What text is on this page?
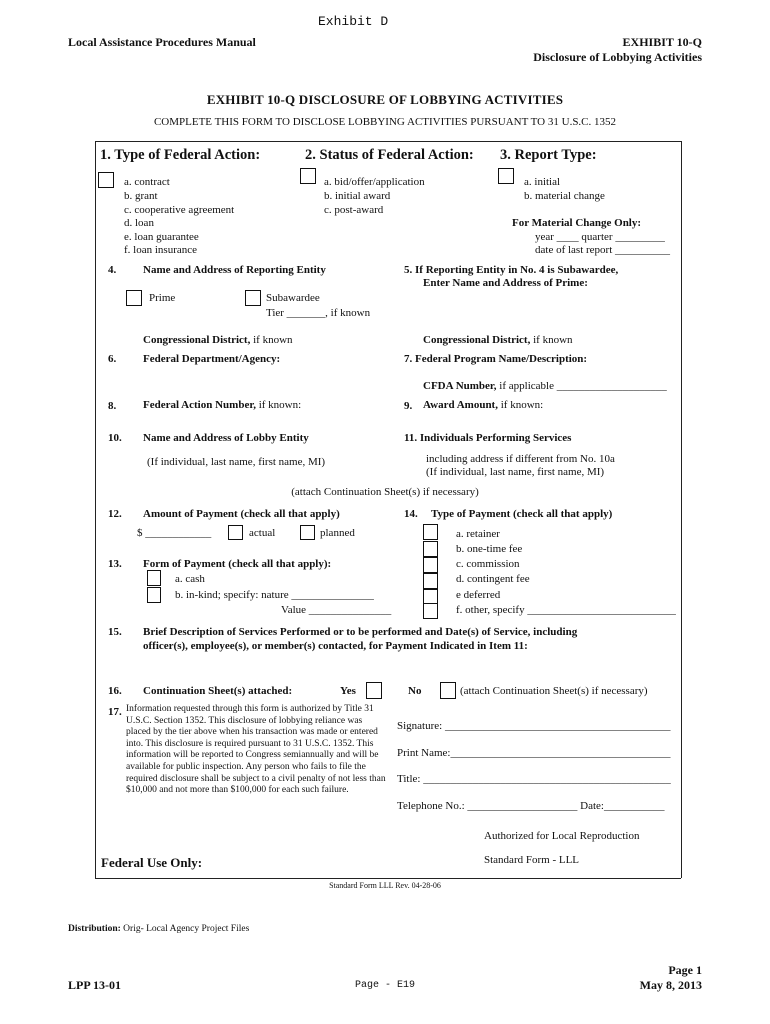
Exhibit D
Local Assistance Procedures Manual	EXHIBIT 10-Q
Disclosure of Lobbying Activities
EXHIBIT 10-Q DISCLOSURE OF LOBBYING ACTIVITIES
COMPLETE THIS FORM TO DISCLOSE LOBBYING ACTIVITIES PURSUANT TO 31 U.S.C. 1352
1. Type of Federal Action:
a. contract
b. grant
c. cooperative agreement
d. loan
e. loan guarantee
f. loan insurance
2. Status of Federal Action:
a. bid/offer/application
b. initial award
c. post-award
3. Report Type:
a. initial
b. material change
For Material Change Only:
year ____ quarter _________
date of last report __________
4. Name and Address of Reporting Entity
Prime	Subawardee
Tier _______, if known
5. If Reporting Entity in No. 4 is Subawardee,
Enter Name and Address of Prime:
Congressional District, if known	Congressional District, if known
6. Federal Department/Agency:	7. Federal Program Name/Description:
CFDA Number, if applicable ____________________
8. Federal Action Number, if known:	9. Award Amount, if known:
10. Name and Address of Lobby Entity
(If individual, last name, first name, MI)
11. Individuals Performing Services
including address if different from No. 10a
(If individual, last name, first name, MI)
(attach Continuation Sheet(s) if necessary)
12. Amount of Payment (check all that apply)
$ ____________	actual	planned
13. Form of Payment (check all that apply):
a. cash
b. in-kind; specify: nature _______________
Value _______________
14. Type of Payment (check all that apply)
a. retainer
b. one-time fee
c. commission
d. contingent fee
e deferred
f. other, specify ___________________________
15. Brief Description of Services Performed or to be performed and Date(s) of Service, including
officer(s), employee(s), or member(s) contacted, for Payment Indicated in Item 11:
16. Continuation Sheet(s) attached:	Yes	No	(attach Continuation Sheet(s) if necessary)
17. Information requested through this form is authorized by Title 31 U.S.C. Section 1352. This disclosure of lobbying reliance was placed by the tier above when his transaction was made or entered into. This disclosure is required pursuant to 31 U.S.C. 1352. This information will be reported to Congress semiannually and will be available for public inspection. Any person who fails to file the required disclosure shall be subject to a civil penalty of not less than $10,000 and not more than $100,000 for each such failure.
Signature: _________________________________________
Print Name:________________________________________
Title: _____________________________________________
Telephone No.: ____________________ Date:___________
Authorized for Local Reproduction
Standard Form - LLL
Federal Use Only:
Standard Form LLL Rev. 04-28-06
Distribution: Orig- Local Agency Project Files
LPP 13-01	Page - E19
Page 1
May 8, 2013
